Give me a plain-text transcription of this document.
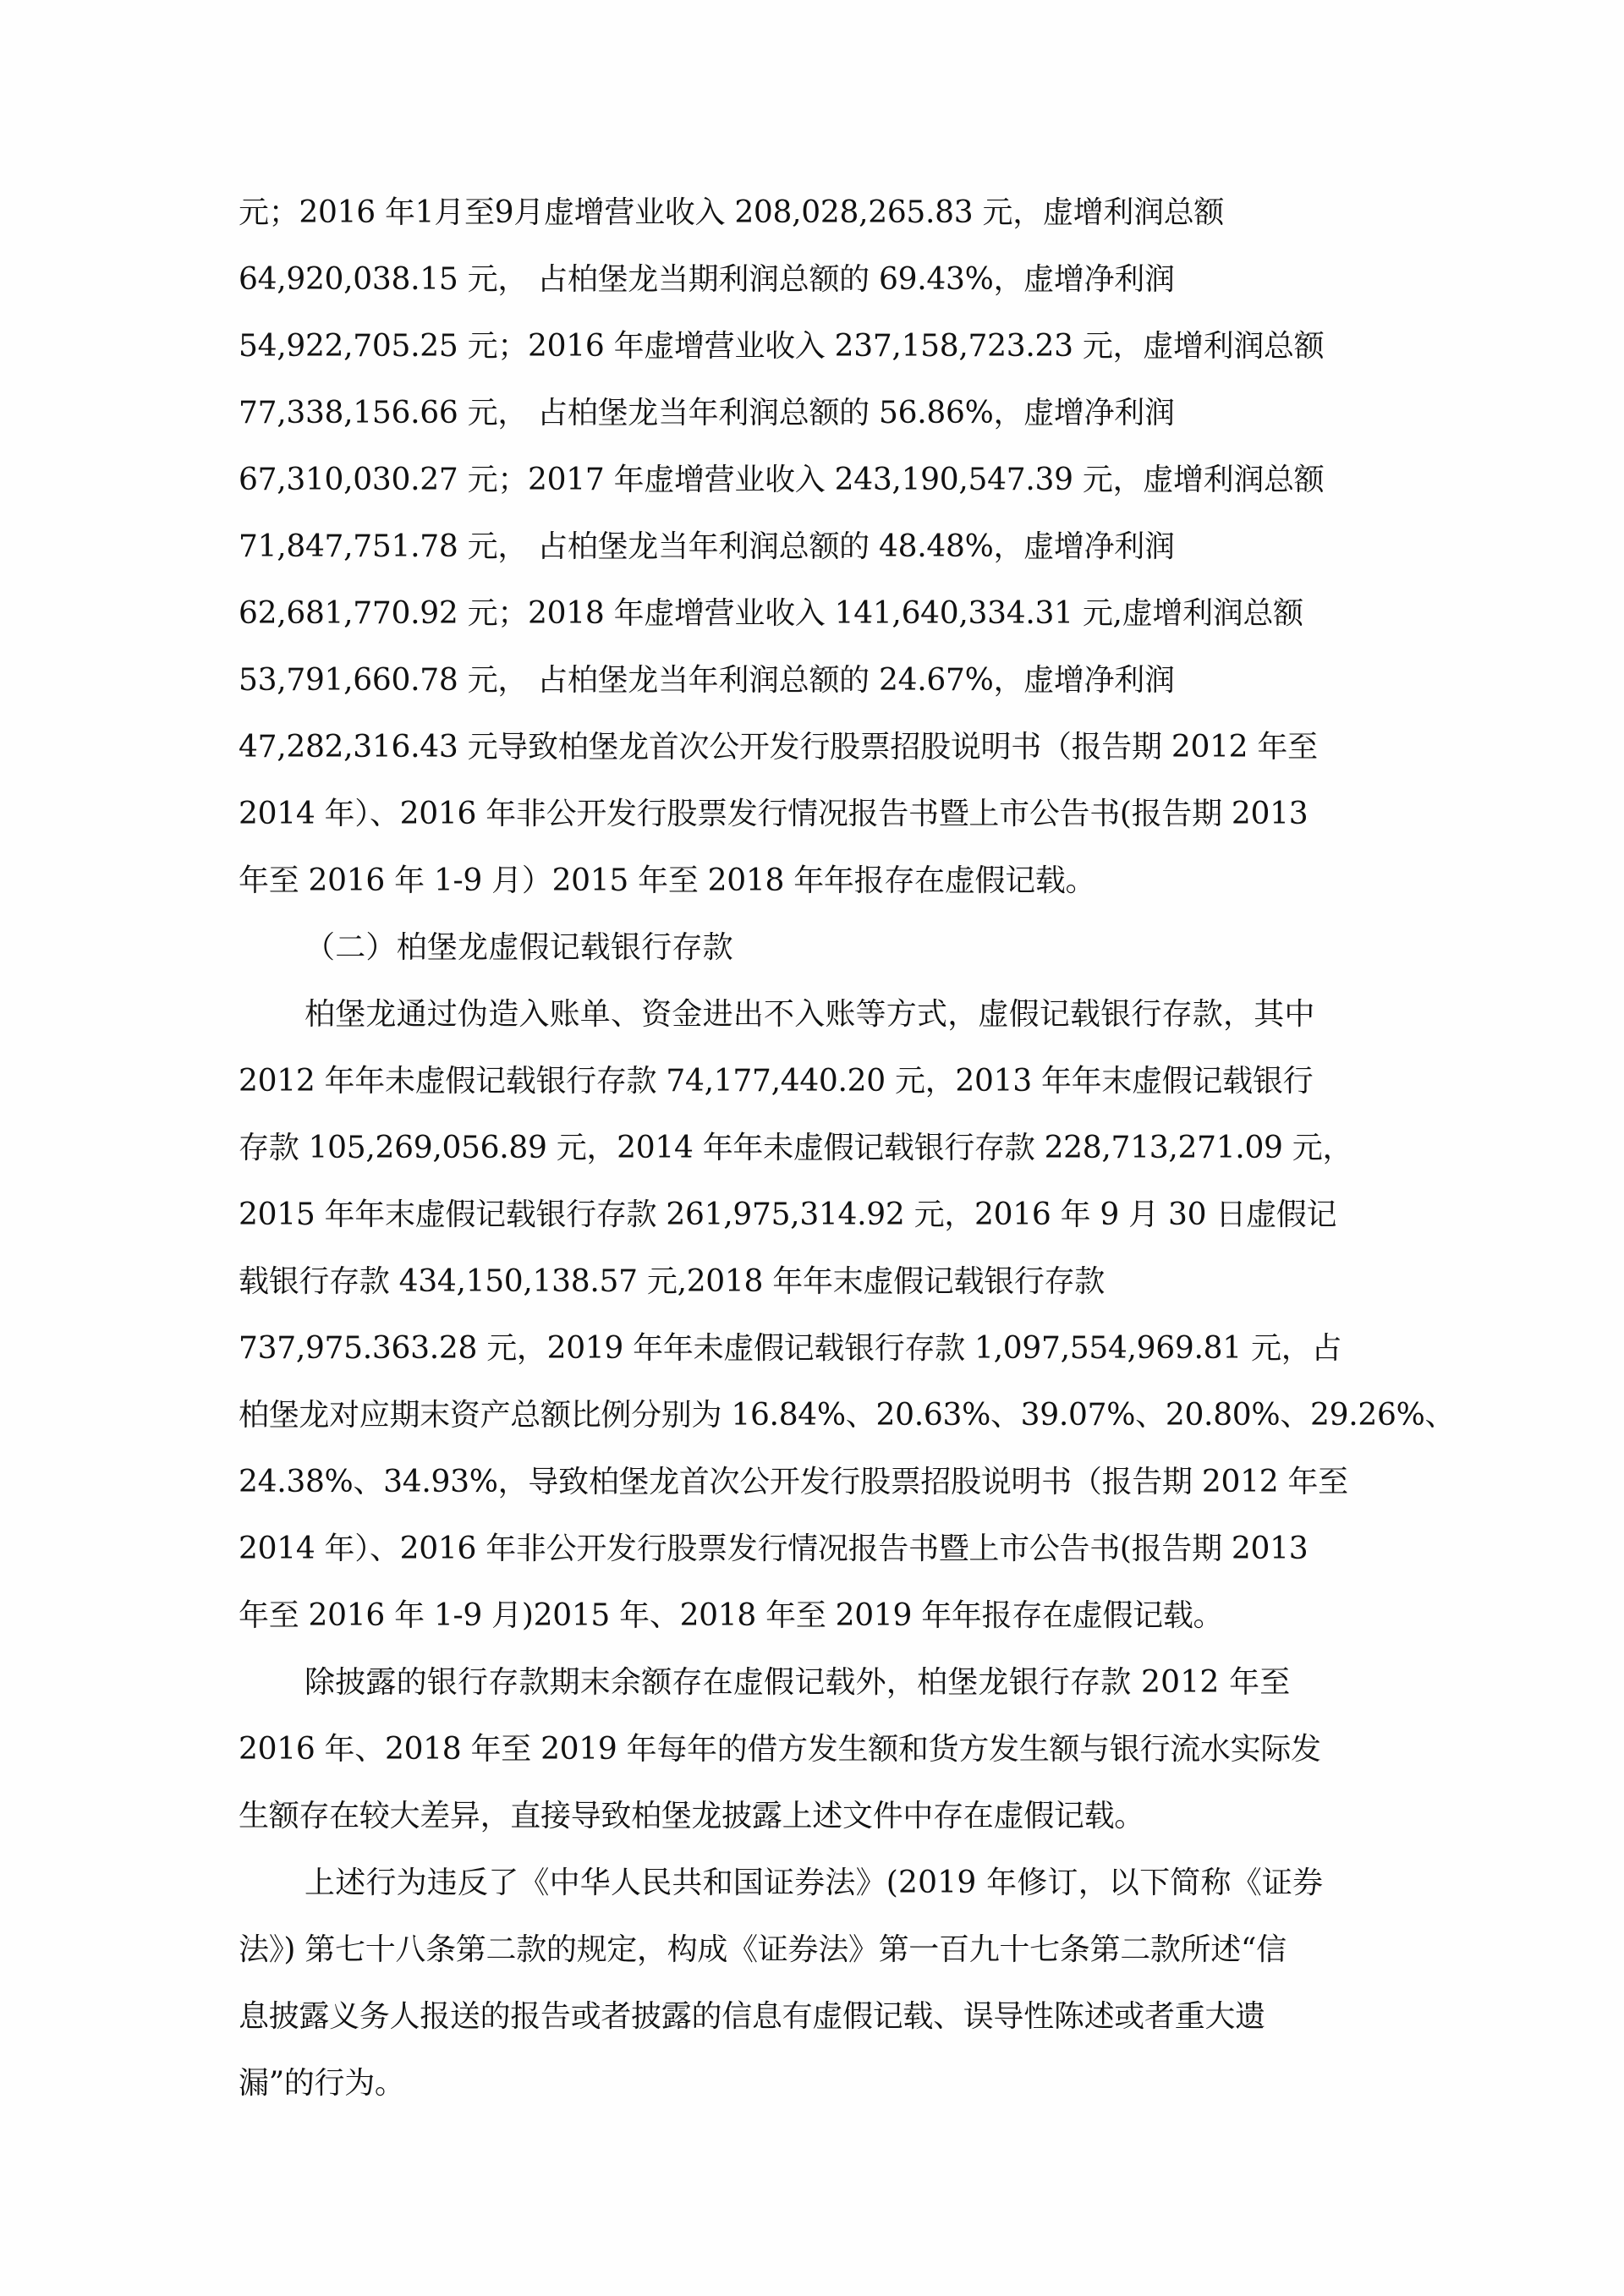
元；2016 年1月至9月虚增营业收入 208,028,265.83 元，虚增利润总额
64,920,038.15 元， 占柏堡龙当期利润总额的 69.43%，虚增净利润
54,922,705.25 元；2016 年虚增营业收入 237,158,723.23 元，虚增利润总额
77,338,156.66 元， 占柏堡龙当年利润总额的 56.86%，虚增净利润
67,310,030.27 元；2017 年虚增营业收入 243,190,547.39 元，虚增利润总额
71,847,751.78 元， 占柏堡龙当年利润总额的 48.48%，虚增净利润
62,681,770.92 元；2018 年虚增营业收入 141,640,334.31 元,虚增利润总额
53,791,660.78 元， 占柏堡龙当年利润总额的 24.67%，虚增净利润
47,282,316.43 元导致柏堡龙首次公开发行股票招股说明书（报告期 2012 年至
2014 年）、2016 年非公开发行股票发行情况报告书暨上市公告书(报告期 2013
年至 2016 年 1-9 月）2015 年至 2018 年年报存在虚假记载。
（二）柏堡龙虚假记载银行存款
柏堡龙通过伪造入账单、资金进出不入账等方式，虚假记载银行存款，其中
2012 年年未虚假记载银行存款 74,177,440.20 元，2013 年年末虚假记载银行
存款 105,269,056.89 元，2014 年年未虚假记载银行存款 228,713,271.09 元，
2015 年年末虚假记载银行存款 261,975,314.92 元，2016 年 9 月 30 日虚假记
载银行存款 434,150,138.57 元,2018 年年末虚假记载银行存款
737,975.363.28 元，2019 年年未虚假记载银行存款 1,097,554,969.81 元，占
柏堡龙对应期末资产总额比例分别为 16.84%、20.63%、39.07%、20.80%、29.26%、
24.38%、34.93%，导致柏堡龙首次公开发行股票招股说明书（报告期 2012 年至
2014 年）、2016 年非公开发行股票发行情况报告书暨上市公告书(报告期 2013
年至 2016 年 1-9 月)2015 年、2018 年至 2019 年年报存在虚假记载。
除披露的银行存款期末余额存在虚假记载外，柏堡龙银行存款 2012 年至
2016 年、2018 年至 2019 年每年的借方发生额和货方发生额与银行流水实际发
生额存在较大差异，直接导致柏堡龙披露上述文件中存在虚假记载。
上述行为违反了《中华人民共和国证券法》(2019 年修订，以下简称《证券
法》) 第七十八条第二款的规定，构成《证券法》第一百九十七条第二款所述“信
息披露义务人报送的报告或者披露的信息有虚假记载、误导性陈述或者重大遗
漏”的行为。
